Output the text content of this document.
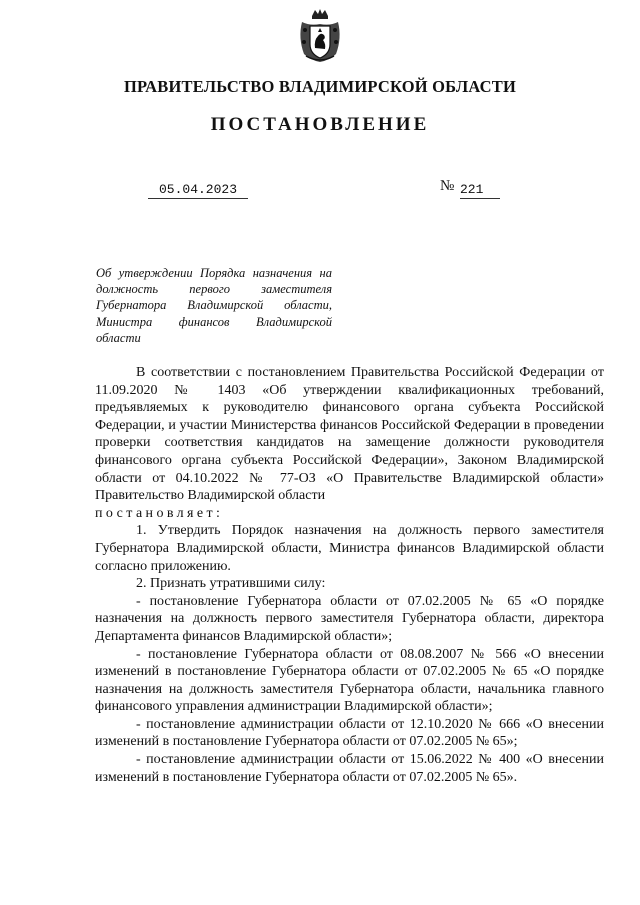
ПРАВИТЕЛЬСТВО ВЛАДИМИРСКОЙ ОБЛАСТИ
ПОСТАНОВЛЕНИЕ
05.04.2023	№ 221
Об утверждении Порядка назначения на должность первого заместителя Губернатора Владимирской области, Министра финансов Владимирской области

В соответствии с постановлением Правительства Российской Федерации от 11.09.2020 № 1403 «Об утверждении квалификационных требований, предъявляемых к руководителю финансового органа субъекта Российской Федерации, и участии Министерства финансов Российской Федерации в проведении проверки соответствия кандидатов на замещение должности руководителя финансового органа субъекта Российской Федерации», Законом Владимирской области от 04.10.2022 № 77-ОЗ «О Правительстве Владимирской области» Правительство Владимирской области

постановляет:

1. Утвердить Порядок назначения на должность первого заместителя Губернатора Владимирской области, Министра финансов Владимирской области согласно приложению.

2. Признать утратившими силу:

- постановление Губернатора области от 07.02.2005 № 65 «О порядке назначения на должность первого заместителя Губернатора области, директора Департамента финансов Владимирской области»;

- постановление Губернатора области от 08.08.2007 № 566 «О внесении изменений в постановление Губернатора области от 07.02.2005 № 65 «О порядке назначения на должность заместителя Губернатора области, начальника главного финансового управления администрации Владимирской области»;

- постановление администрации области от 12.10.2020 № 666 «О внесении изменений в постановление Губернатора области от 07.02.2005 № 65»;

- постановление администрации области от 15.06.2022 № 400 «О внесении изменений в постановление Губернатора области от 07.02.2005 № 65».
